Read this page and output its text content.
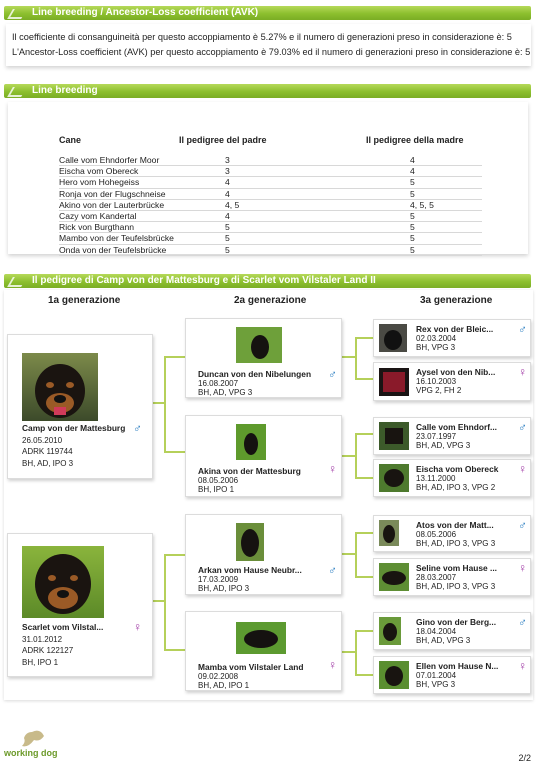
Line breeding / Ancestor-Loss coefficient (AVK)

Il coefficiente di consanguineità per questo accoppiamento è 5.27% e il numero di generazioni preso in considerazione è: 5

L'Ancestor-Loss coefficient (AVK) per questo accoppiamento è 79.03% ed il numero di generazioni preso in considerazione è: 5

Line breeding
Cane	Il pedigree del padre	Il pedigree della madre
Calle vom Ehndorfer Moor	3	4
Eischa vom Obereck	3	4
Hero vom Hohegeiss	4	5
Ronja von der Flugschneise	4	5
Akino von der Lauterbrücke	4, 5	4, 5, 5
Cazy vom Kandertal	4	5
Rick von Burgthann	5	5
Mambo von der Teufelsbrücke	5	5
Onda von der Teufelsbrücke	5	5
Il pedigree di Camp von der Mattesburg e di Scarlet vom Vilstaler Land II
1a generazione	2a generazione	3a generazione
Camp von der Mattesburg ♂
26.05.2010
ADRK 119744
BH, AD, IPO 3
Scarlet vom Vilstal... ♀
31.01.2012
ADRK 122127
BH, IPO 1
Duncan von den Nibelungen ♂
16.08.2007
BH, AD, VPG 3
Akina von der Mattesburg ♀
08.05.2006
BH, IPO 1
Arkan vom Hause Neubr... ♂
17.03.2009
BH, AD, IPO 3
Mamba vom Vilstaler Land ♀
09.02.2008
BH, AD, IPO 1
Rex von der Bleic... ♂
02.03.2004
BH, VPG 3
Aysel von den Nib... ♀
16.10.2003
VPG 2, FH 2
Calle vom Ehndorf... ♂
23.07.1997
BH, AD, VPG 3
Eischa vom Obereck ♀
13.11.2000
BH, AD, IPO 3, VPG 2
Atos von der Matt... ♂
08.05.2006
BH, AD, IPO 3, VPG 3
Seline vom Hause ... ♀
28.03.2007
BH, AD, IPO 3, VPG 3
Gino von der Berg... ♂
18.04.2004
BH, AD, VPG 3
Ellen vom Hause N... ♀
07.01.2004
BH, VPG 3
working dog	2/2
